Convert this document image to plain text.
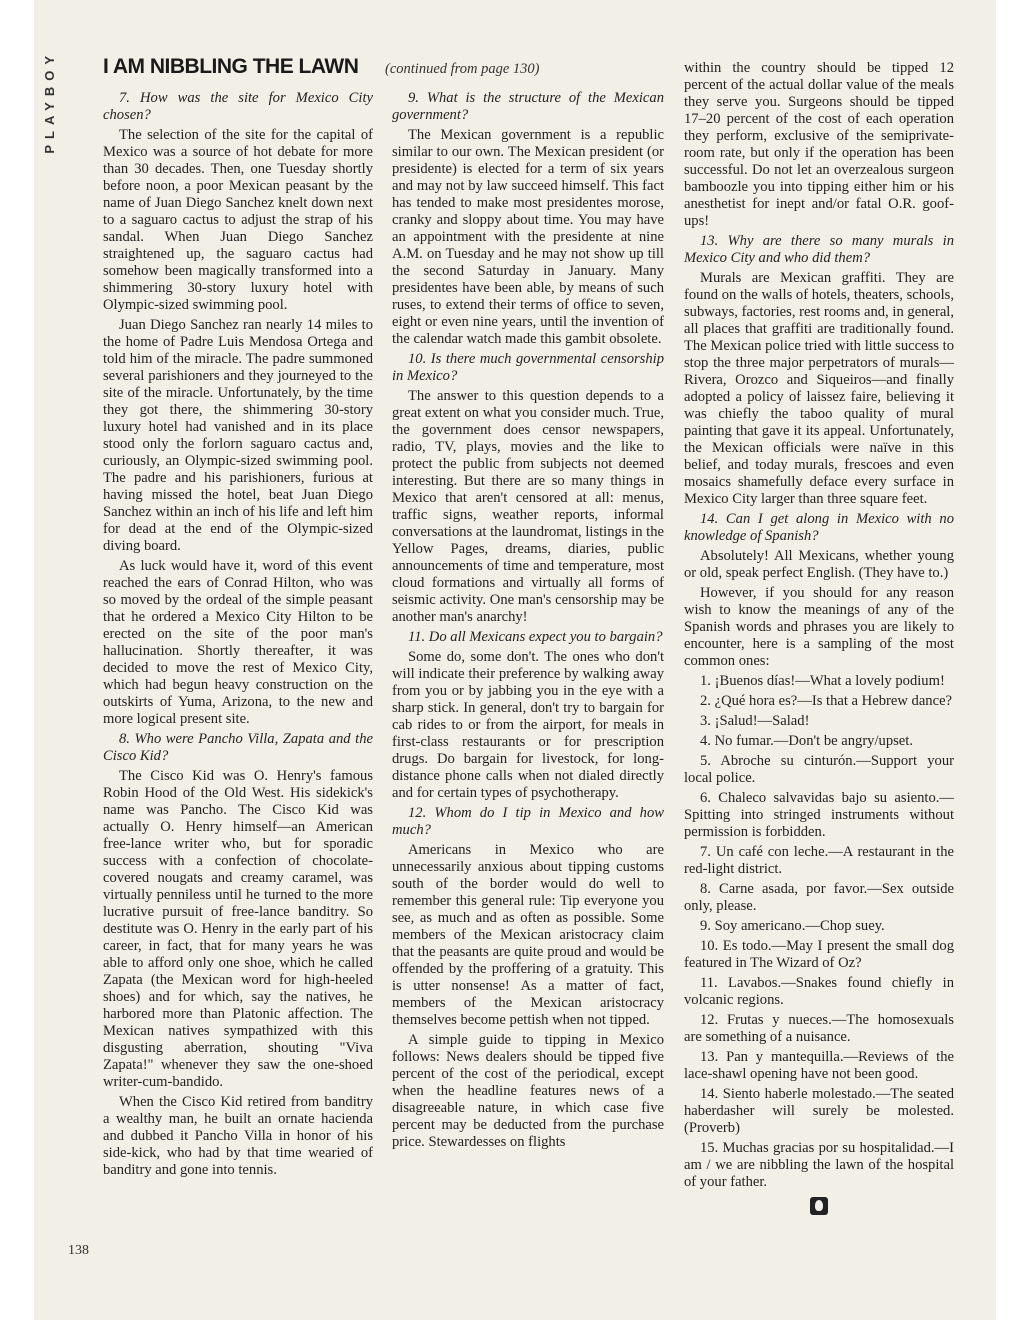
PLAYBOY I AM NIBBLING THE LAWN (continued from page 130)

7. How was the site for Mexico City chosen?

The selection of the site for the capital of Mexico was a source of hot debate for more than 30 decades. Then, one Tuesday shortly before noon, a poor Mexican peasant by the name of Juan Diego Sanchez knelt down next to a saguaro cactus to adjust the strap of his sandal. When Juan Diego Sanchez straightened up, the saguaro cactus had somehow been magically transformed into a shimmering 30-story luxury hotel with Olympic-sized swimming pool.

Juan Diego Sanchez ran nearly 14 miles to the home of Padre Luis Mendosa Ortega and told him of the miracle. The padre summoned several parishioners and they journeyed to the site of the miracle. Unfortunately, by the time they got there, the shimmering 30-story luxury hotel had vanished and in its place stood only the forlorn saguaro cactus and, curiously, an Olympic-sized swimming pool. The padre and his parishioners, furious at having missed the hotel, beat Juan Diego Sanchez within an inch of his life and left him for dead at the end of the Olympic-sized diving board.

As luck would have it, word of this event reached the ears of Conrad Hilton, who was so moved by the ordeal of the simple peasant that he ordered a Mexico City Hilton to be erected on the site of the poor man's hallucination. Shortly thereafter, it was decided to move the rest of Mexico City, which had begun heavy construction on the outskirts of Yuma, Arizona, to the new and more logical present site.

8. Who were Pancho Villa, Zapata and the Cisco Kid?

The Cisco Kid was O. Henry's famous Robin Hood of the Old West. His sidekick's name was Pancho. The Cisco Kid was actually O. Henry himself—an American free-lance writer who, but for sporadic success with a confection of chocolate-covered nougats and creamy caramel, was virtually penniless until he turned to the more lucrative pursuit of free-lance banditry. So destitute was O. Henry in the early part of his career, in fact, that for many years he was able to afford only one shoe, which he called Zapata (the Mexican word for high-heeled shoes) and for which, say the natives, he harbored more than Platonic affection. The Mexican natives sympathized with this disgusting aberration, shouting "Viva Zapata!" whenever they saw the one-shoed writer-cum-bandido.

When the Cisco Kid retired from banditry a wealthy man, he built an ornate hacienda and dubbed it Pancho Villa in honor of his side-kick, who had by that time wearied of banditry and gone into tennis.

9. What is the structure of the Mexican government?

The Mexican government is a republic similar to our own. The Mexican president (or presidente) is elected for a term of six years and may not by law succeed himself. This fact has tended to make most presidentes morose, cranky and sloppy about time. You may have an appointment with the presidente at nine A.M. on Tuesday and he may not show up till the second Saturday in January. Many presidentes have been able, by means of such ruses, to extend their terms of office to seven, eight or even nine years, until the invention of the calendar watch made this gambit obsolete.

10. Is there much governmental censorship in Mexico?

The answer to this question depends to a great extent on what you consider much. True, the government does censor newspapers, radio, TV, plays, movies and the like to protect the public from subjects not deemed interesting. But there are so many things in Mexico that aren't censored at all: menus, traffic signs, weather reports, informal conversations at the laundromat, listings in the Yellow Pages, dreams, diaries, public announcements of time and temperature, most cloud formations and virtually all forms of seismic activity. One man's censorship may be another man's anarchy!

11. Do all Mexicans expect you to bargain?

Some do, some don't. The ones who don't will indicate their preference by walking away from you or by jabbing you in the eye with a sharp stick. In general, don't try to bargain for cab rides to or from the airport, for meals in first-class restaurants or for prescription drugs. Do bargain for livestock, for long-distance phone calls when not dialed directly and for certain types of psychotherapy.

12. Whom do I tip in Mexico and how much?

Americans in Mexico who are unnecessarily anxious about tipping customs south of the border would do well to remember this general rule: Tip everyone you see, as much and as often as possible. Some members of the Mexican aristocracy claim that the peasants are quite proud and would be offended by the proffering of a gratuity. This is utter nonsense! As a matter of fact, members of the Mexican aristocracy themselves become pettish when not tipped.

A simple guide to tipping in Mexico follows: News dealers should be tipped five percent of the cost of the periodical, except when the headline features news of a disagreeable nature, in which case five percent may be deducted from the purchase price. Stewardesses on flights

within the country should be tipped 12 percent of the actual dollar value of the meals they serve you. Surgeons should be tipped 17–20 percent of the cost of each operation they perform, exclusive of the semiprivate-room rate, but only if the operation has been successful. Do not let an overzealous surgeon bamboozle you into tipping either him or his anesthetist for inept and/or fatal O.R. goof-ups!

13. Why are there so many murals in Mexico City and who did them?

Murals are Mexican graffiti. They are found on the walls of hotels, theaters, schools, subways, factories, rest rooms and, in general, all places that graffiti are traditionally found. The Mexican police tried with little success to stop the three major perpetrators of murals—Rivera, Orozco and Siqueiros—and finally adopted a policy of laissez faire, believing it was chiefly the taboo quality of mural painting that gave it its appeal. Unfortunately, the Mexican officials were naïve in this belief, and today murals, frescoes and even mosaics shamefully deface every surface in Mexico City larger than three square feet.

14. Can I get along in Mexico with no knowledge of Spanish?

Absolutely! All Mexicans, whether young or old, speak perfect English. (They have to.)

However, if you should for any reason wish to know the meanings of any of the Spanish words and phrases you are likely to encounter, here is a sampling of the most common ones:

1. ¡Buenos días!—What a lovely podium!

2. ¿Qué hora es?—Is that a Hebrew dance?

3. ¡Salud!—Salad!

4. No fumar.—Don't be angry/upset.

5. Abroche su cinturón.—Support your local police.

6. Chaleco salvavidas bajo su asiento.—Spitting into stringed instruments without permission is forbidden.

7. Un café con leche.—A restaurant in the red-light district.

8. Carne asada, por favor.—Sex outside only, please.

9. Soy americano.—Chop suey.

10. Es todo.—May I present the small dog featured in The Wizard of Oz?

11. Lavabos.—Snakes found chiefly in volcanic regions.

12. Frutas y nueces.—The homosexuals are something of a nuisance.

13. Pan y mantequilla.—Reviews of the lace-shawl opening have not been good.

14. Siento haberle molestado.—The seated haberdasher will surely be molested. (Proverb)

15. Muchas gracias por su hospitalidad.—I am / we are nibbling the lawn of the hospital of your father.

138
